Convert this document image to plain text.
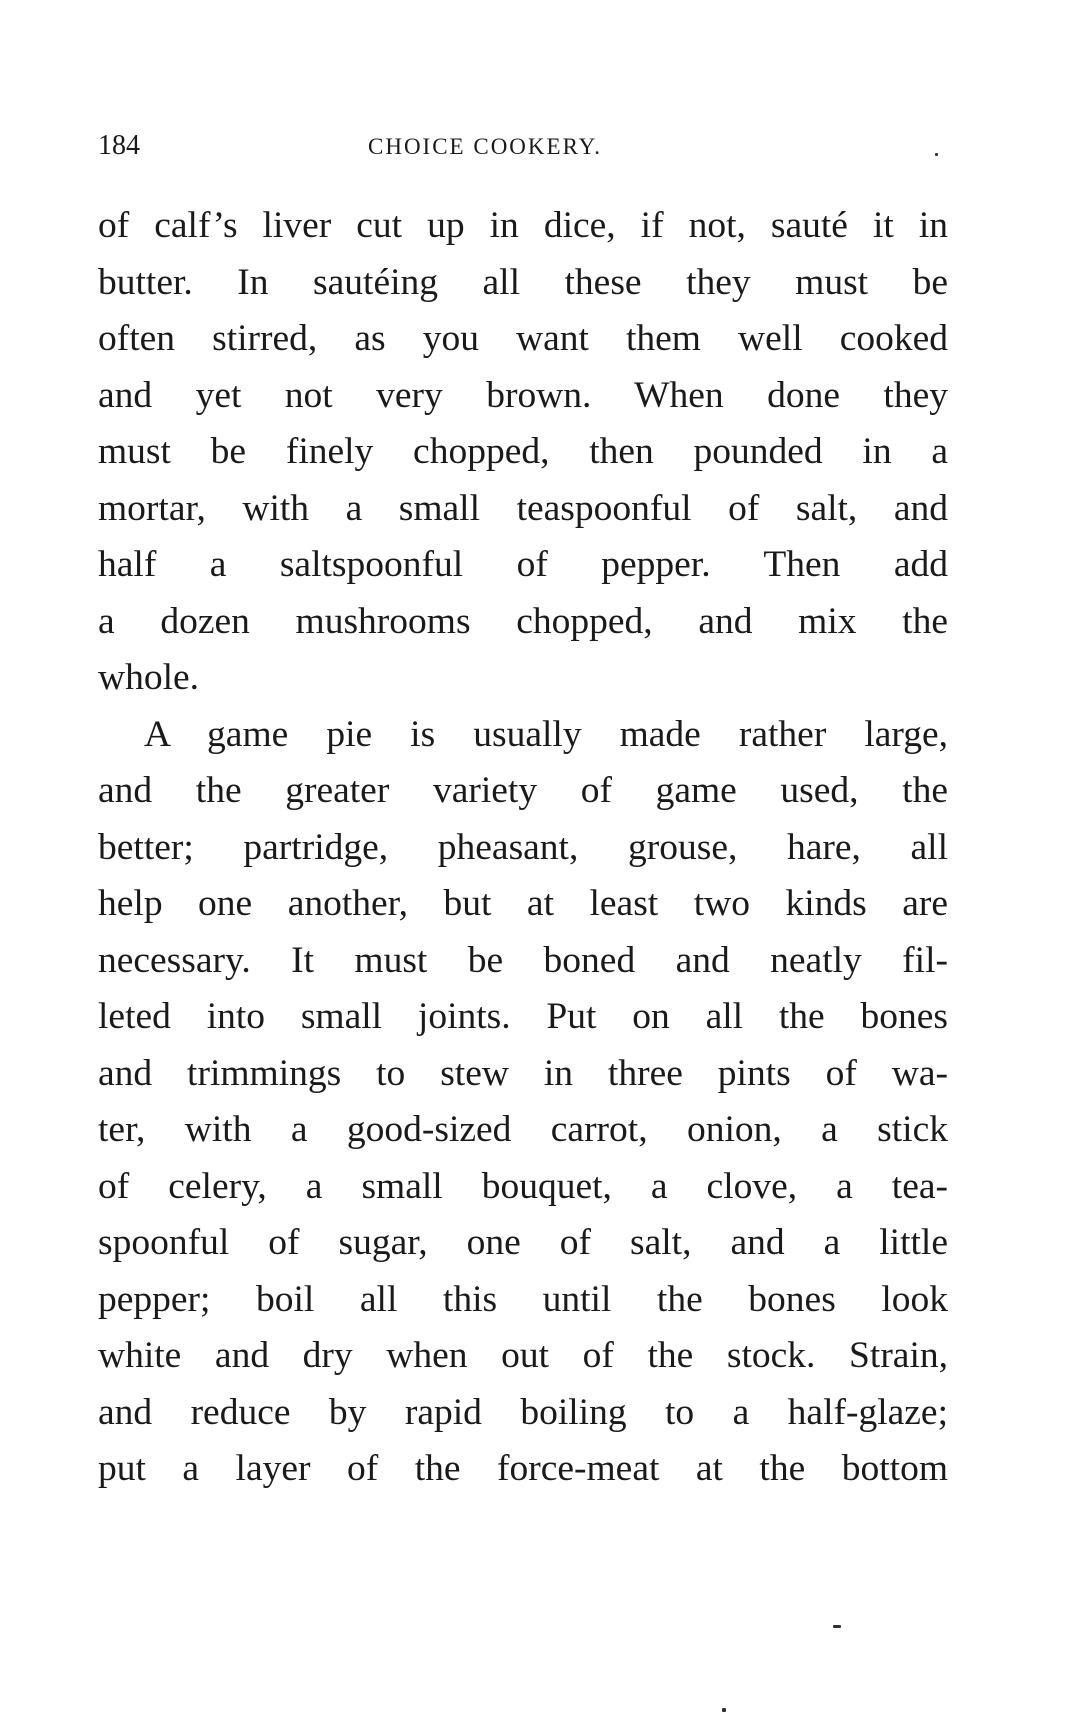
184	CHOICE COOKERY.
of calf’s liver cut up in dice, if not, sauté it in
butter. In sautéing all these they must be
often stirred, as you want them well cooked
and yet not very brown. When done they
must be finely chopped, then pounded in a
mortar, with a small teaspoonful of salt, and
half a saltspoonful of pepper. Then add
a dozen mushrooms chopped, and mix the
whole.
A game pie is usually made rather large,
and the greater variety of game used, the
better; partridge, pheasant, grouse, hare, all
help one another, but at least two kinds are
necessary. It must be boned and neatly fil-
leted into small joints. Put on all the bones
and trimmings to stew in three pints of wa-
ter, with a good-sized carrot, onion, a stick
of celery, a small bouquet, a clove, a tea-
spoonful of sugar, one of salt, and a little
pepper; boil all this until the bones look
white and dry when out of the stock. Strain,
and reduce by rapid boiling to a half-glaze;
put a layer of the force-meat at the bottom
